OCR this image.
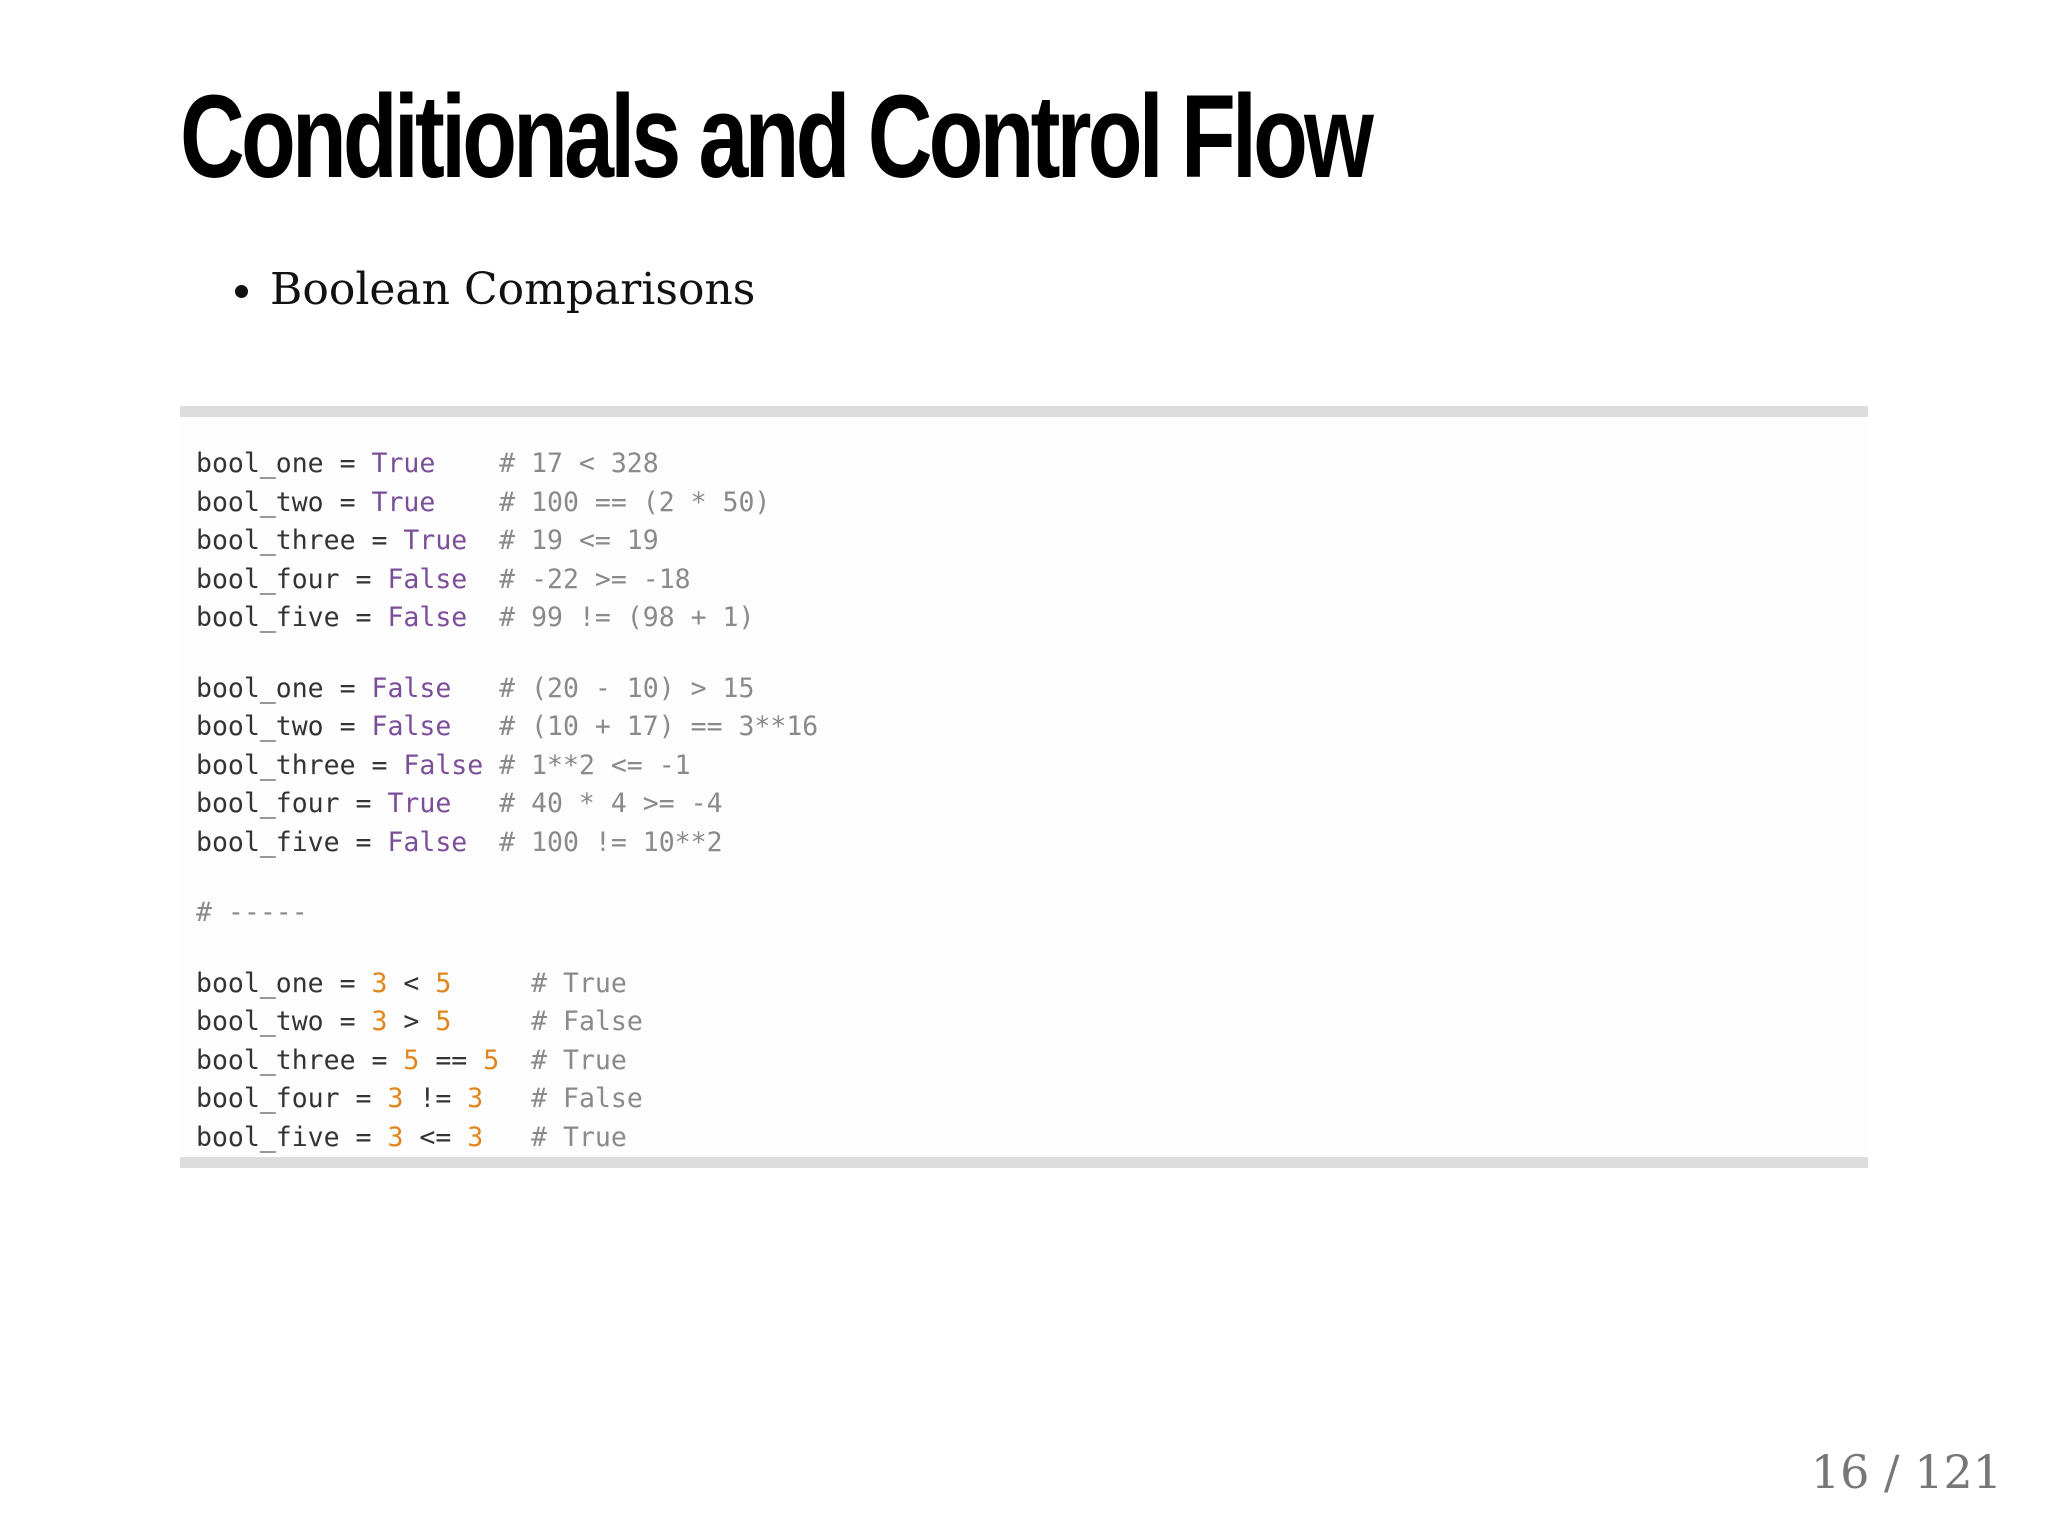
Conditionals and Control Flow
• Boolean Comparisons
bool_one = True # 17 < 328
bool_two = True # 100 == (2 * 50)
bool_three = True # 19 <= 19
bool_four = False # -22 >= -18
bool_five = False # 99 != (98 + 1)
bool_one = False # (20 - 10) > 15
bool_two = False # (10 + 17) == 3**16
bool_three = False # 1**2 <= -1
bool_four = True # 40 * 4 >= -4
bool_five = False # 100 != 10**2
# -----
bool_one = 3 < 5	# True
bool_two = 3 > 5	# False
bool_three = 5 == 5 # True
bool_four = 3 != 3 # False
bool_five = 3 <= 3 # True
16 / 121
